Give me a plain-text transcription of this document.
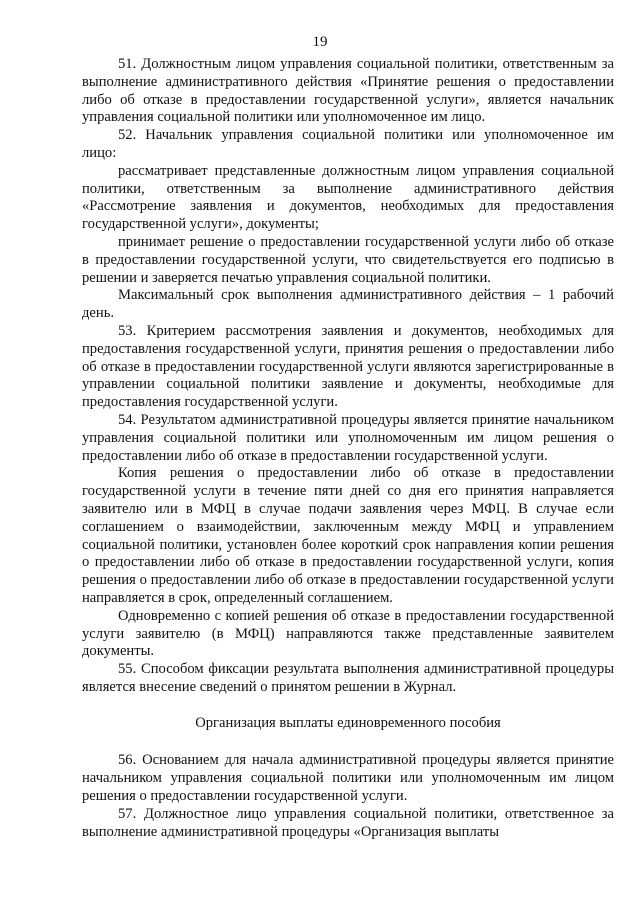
19

51. Должностным лицом управления социальной политики, ответственным за выполнение административного действия «Принятие решения о предоставлении либо об отказе в предоставлении государственной услуги», является начальник управления социальной политики или уполномоченное им лицо.

52. Начальник управления социальной политики или уполномоченное им лицо:

рассматривает представленные должностным лицом управления социальной политики, ответственным за выполнение административного действия «Рассмотрение заявления и документов, необходимых для предоставления государственной услуги», документы;

принимает решение о предоставлении государственной услуги либо об отказе в предоставлении государственной услуги, что свидетельствуется его подписью в решении и заверяется печатью управления социальной политики.

Максимальный срок выполнения административного действия – 1 рабочий день.

53. Критерием рассмотрения заявления и документов, необходимых для предоставления государственной услуги, принятия решения о предоставлении либо об отказе в предоставлении государственной услуги являются зарегистрированные в управлении социальной политики заявление и документы, необходимые для предоставления государственной услуги.

54. Результатом административной процедуры является принятие начальником управления социальной политики или уполномоченным им лицом решения о предоставлении либо об отказе в предоставлении государственной услуги.

Копия решения о предоставлении либо об отказе в предоставлении государственной услуги в течение пяти дней со дня его принятия направляется заявителю или в МФЦ в случае подачи заявления через МФЦ. В случае если соглашением о взаимодействии, заключенным между МФЦ и управлением социальной политики, установлен более короткий срок направления копии решения о предоставлении либо об отказе в предоставлении государственной услуги, копия решения о предоставлении либо об отказе в предоставлении государственной услуги направляется в срок, определенный соглашением.

Одновременно с копией решения об отказе в предоставлении государственной услуги заявителю (в МФЦ) направляются также представленные заявителем документы.

55. Способом фиксации результата выполнения административной процедуры является внесение сведений о принятом решении в Журнал.

Организация выплаты единовременного пособия

56. Основанием для начала административной процедуры является принятие начальником управления социальной политики или уполномоченным им лицом решения о предоставлении государственной услуги.

57. Должностное лицо управления социальной политики, ответственное за выполнение административной процедуры «Организация выплаты
